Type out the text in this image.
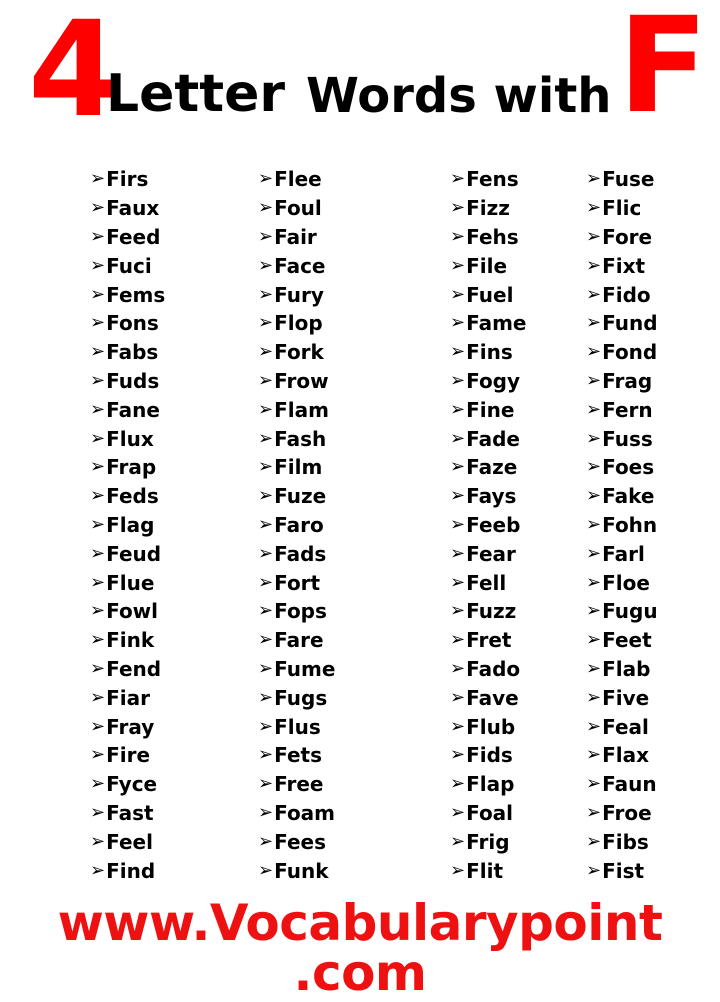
4
Letter Words with F
➢ Firs
➢ Faux
➢ Feed
➢ Fuci
➢ Fems
➢ Fons
➢ Fabs
➢ Fuds
➢ Fane
➢ Flux
➢ Frap
➢ Feds
➢ Flag
➢ Feud
➢ Flue
➢ Fowl
➢ Fink
➢ Fend
➢ Fiar
➢ Fray
➢ Fire
➢ Fyce
➢ Fast
➢ Feel
➢ Find
➢ Flee
➢ Foul
➢ Fair
➢ Face
➢ Fury
➢ Flop
➢ Fork
➢ Frow
➢ Flam
➢ Fash
➢ Film
➢ Fuze
➢ Faro
➢ Fads
➢ Fort
➢ Fops
➢ Fare
➢ Fume
➢ Fugs
➢ Flus
➢ Fets
➢ Free
➢ Foam
➢ Fees
➢ Funk
➢ Fens
➢ Fizz
➢ Fehs
➢ File
➢ Fuel
➢ Fame
➢ Fins
➢ Fogy
➢ Fine
➢ Fade
➢ Faze
➢ Fays
➢ Feeb
➢ Fear
➢ Fell
➢ Fuzz
➢ Fret
➢ Fado
➢ Fave
➢ Flub
➢ Fids
➢ Flap
➢ Foal
➢ Frig
➢ Flit
➢ Fuse
➢ Flic
➢ Fore
➢ Fixt
➢ Fido
➢ Fund
➢ Fond
➢ Frag
➢ Fern
➢ Fuss
➢ Foes
➢ Fake
➢ Fohn
➢ Farl
➢ Floe
➢ Fugu
➢ Feet
➢ Flab
➢ Five
➢ Feal
➢ Flax
➢ Faun
➢ Froe
➢ Fibs
➢ Fist
www.Vocabularypoint .com
